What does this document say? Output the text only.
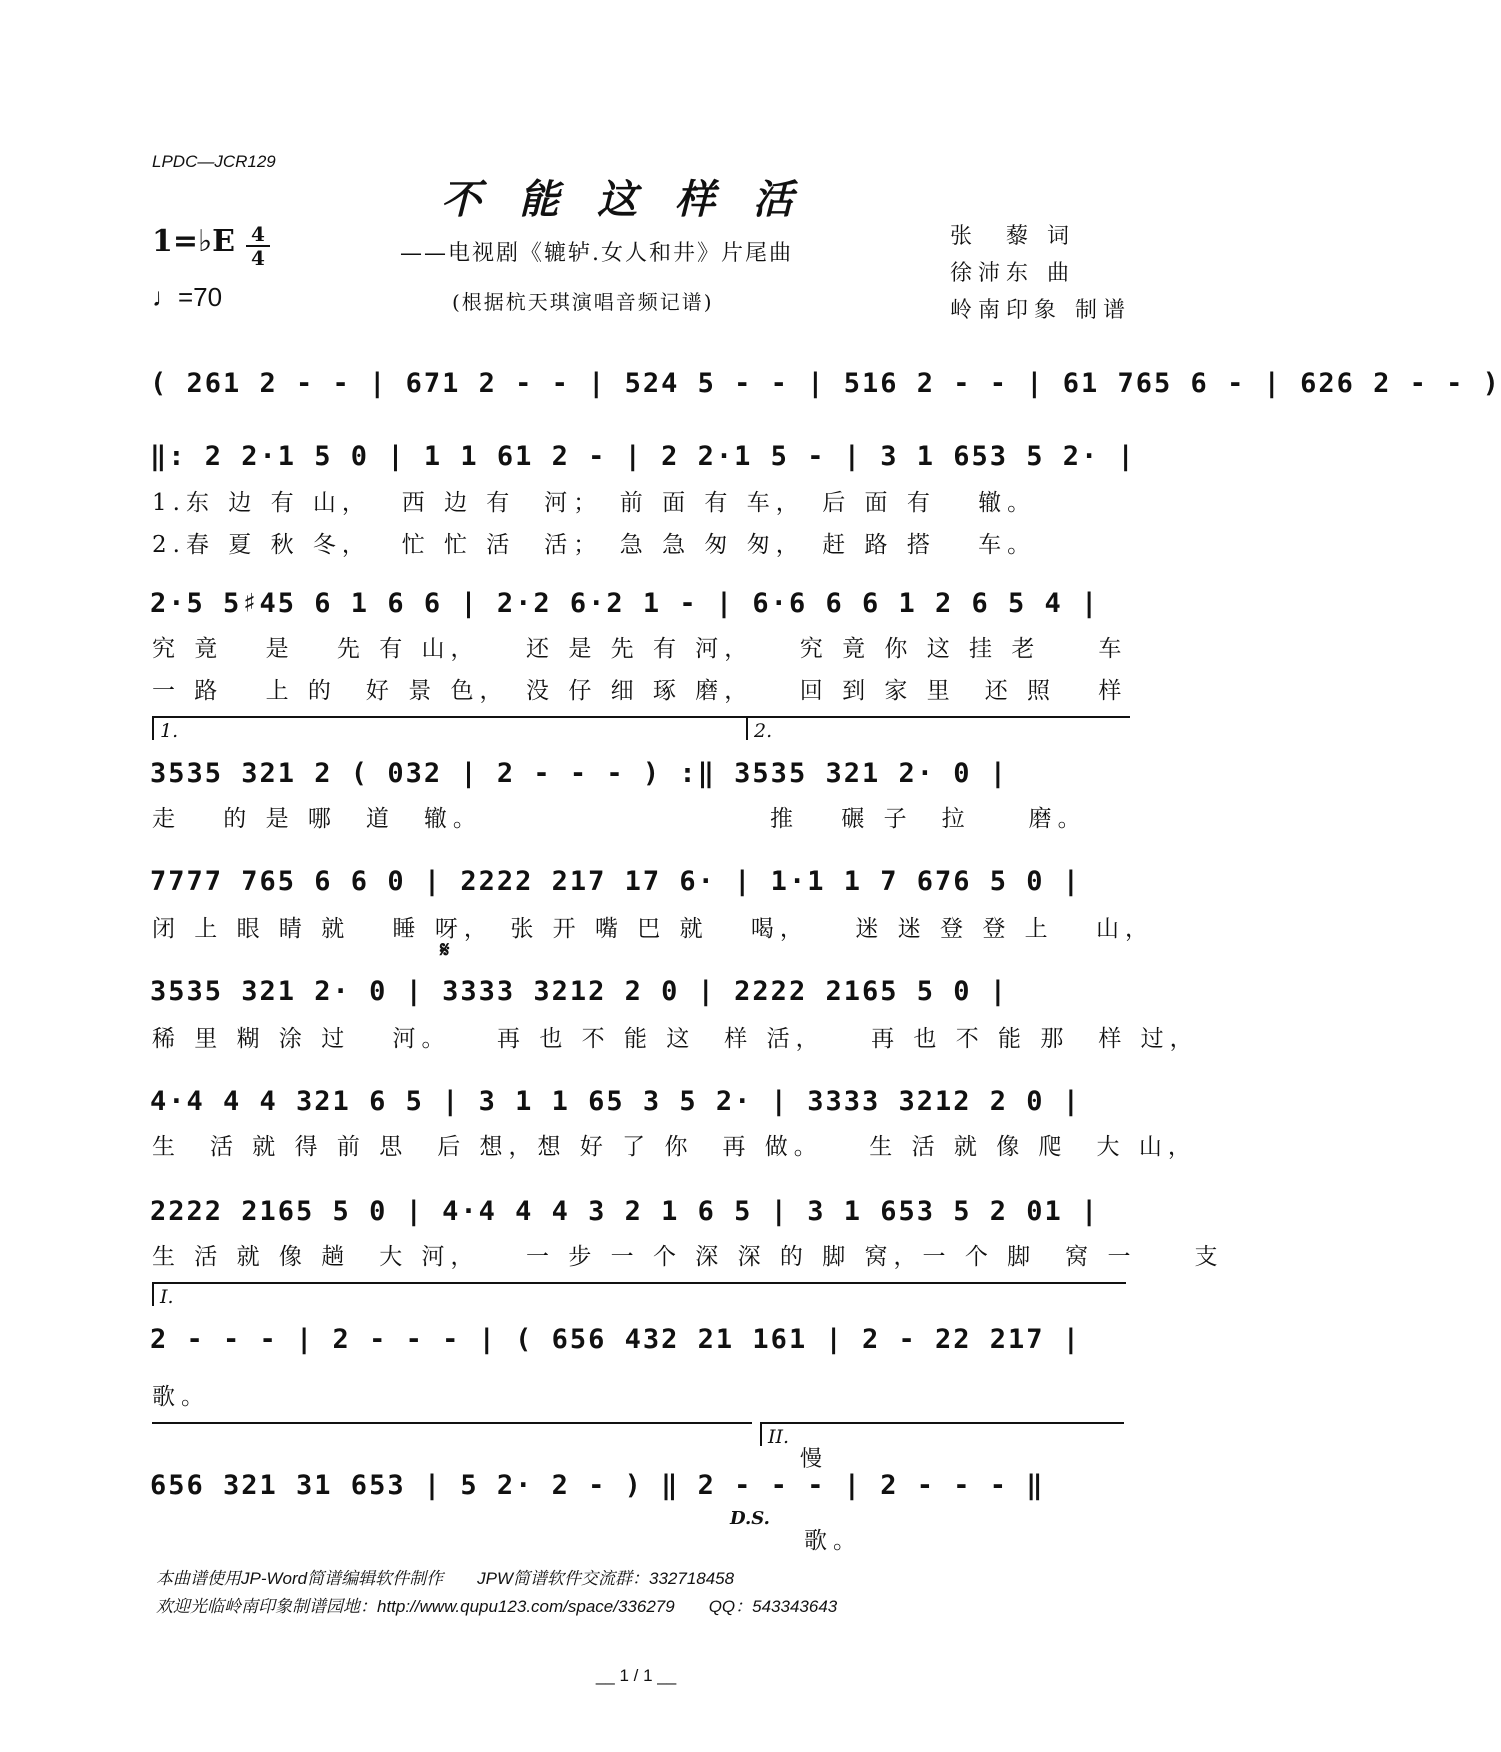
LPDC—JCR129
不能这样活
1=♭E 4
4
♩=70
——电视剧《辘轳.女人和井》片尾曲
(根据杭天琪演唱音频记谱)
张　藜 词
徐沛东 曲
岭南印象 制谱
( 261 2 - - | 671 2 - - | 524 5 - - | 516 2 - - | 61 765 6 - | 626 2 - - )
‖: 2 2·1 5 0 | 1 1 61 2 - | 2 2·1 5 - | 3 1 653 5 2· |
1.东 边 有 山，　 西 边 有　河；　前 面 有 车，　后 面 有　 辙。
2.春 夏 秋 冬，　 忙 忙 活　活；　急 急 匆 匆，　赶 路 搭　 车。
2·5 5♯45 6 1 6 6 | 2·2 6·2 1 - | 6·6 6 6 1 2 6 5 4 |
究 竟　 是　 先 有 山，　　还 是 先 有 河，　　究 竟 你 这 挂 老　　车
一 路　 上 的　好 景 色，　没 仔 细 琢 磨，　　回 到 家 里　还 照　 样
1.	2.
3535 321 2 ( 032 | 2 - - - ) :‖ 3535 321 2· 0 |
走　 的 是 哪　道　辙。	推　 碾 子　拉　　磨。
7777 765 6 6 0 | 2222 217 17 6· | 1·1 1 7 676 5 0 |
闭 上 眼 睛 就　 睡 呀，　张 开 嘴 巴 就　 喝，　　迷 迷 登 登 上　 山，
𝄋
3535 321 2· 0 | 3333 3212 2 0 | 2222 2165 5 0 |
稀 里 糊 涂 过　 河。　　再 也 不 能 这　样 活，　　再 也 不 能 那　样 过，
4·4 4 4 321 6 5 | 3 1 1 65 3 5 2· | 3333 3212 2 0 |
生　活 就 得 前 思　后 想，想 好 了 你　再 做。　　生 活 就 像 爬　大 山，
2222 2165 5 0 | 4·4 4 4 3 2 1 6 5 | 3 1 653 5 2 01 |
生 活 就 像 趟　大 河，　　一 步 一 个 深 深 的 脚 窝，一 个 脚　窝 一　　支
I.
2 - - - | 2 - - - | ( 656 432 21 161 | 2 - 22 217 |
歌。
II.
慢
656 321 31 653 | 5 2· 2 - ) ‖ 2 - - - | 2 - - - ‖
D.S.
歌。
本曲谱使用JP-Word简谱编辑软件制作　　JPW简谱软件交流群：332718458
欢迎光临岭南印象制谱园地：http://www.qupu123.com/space/336279　　QQ：543343643
__ 1 / 1 __
